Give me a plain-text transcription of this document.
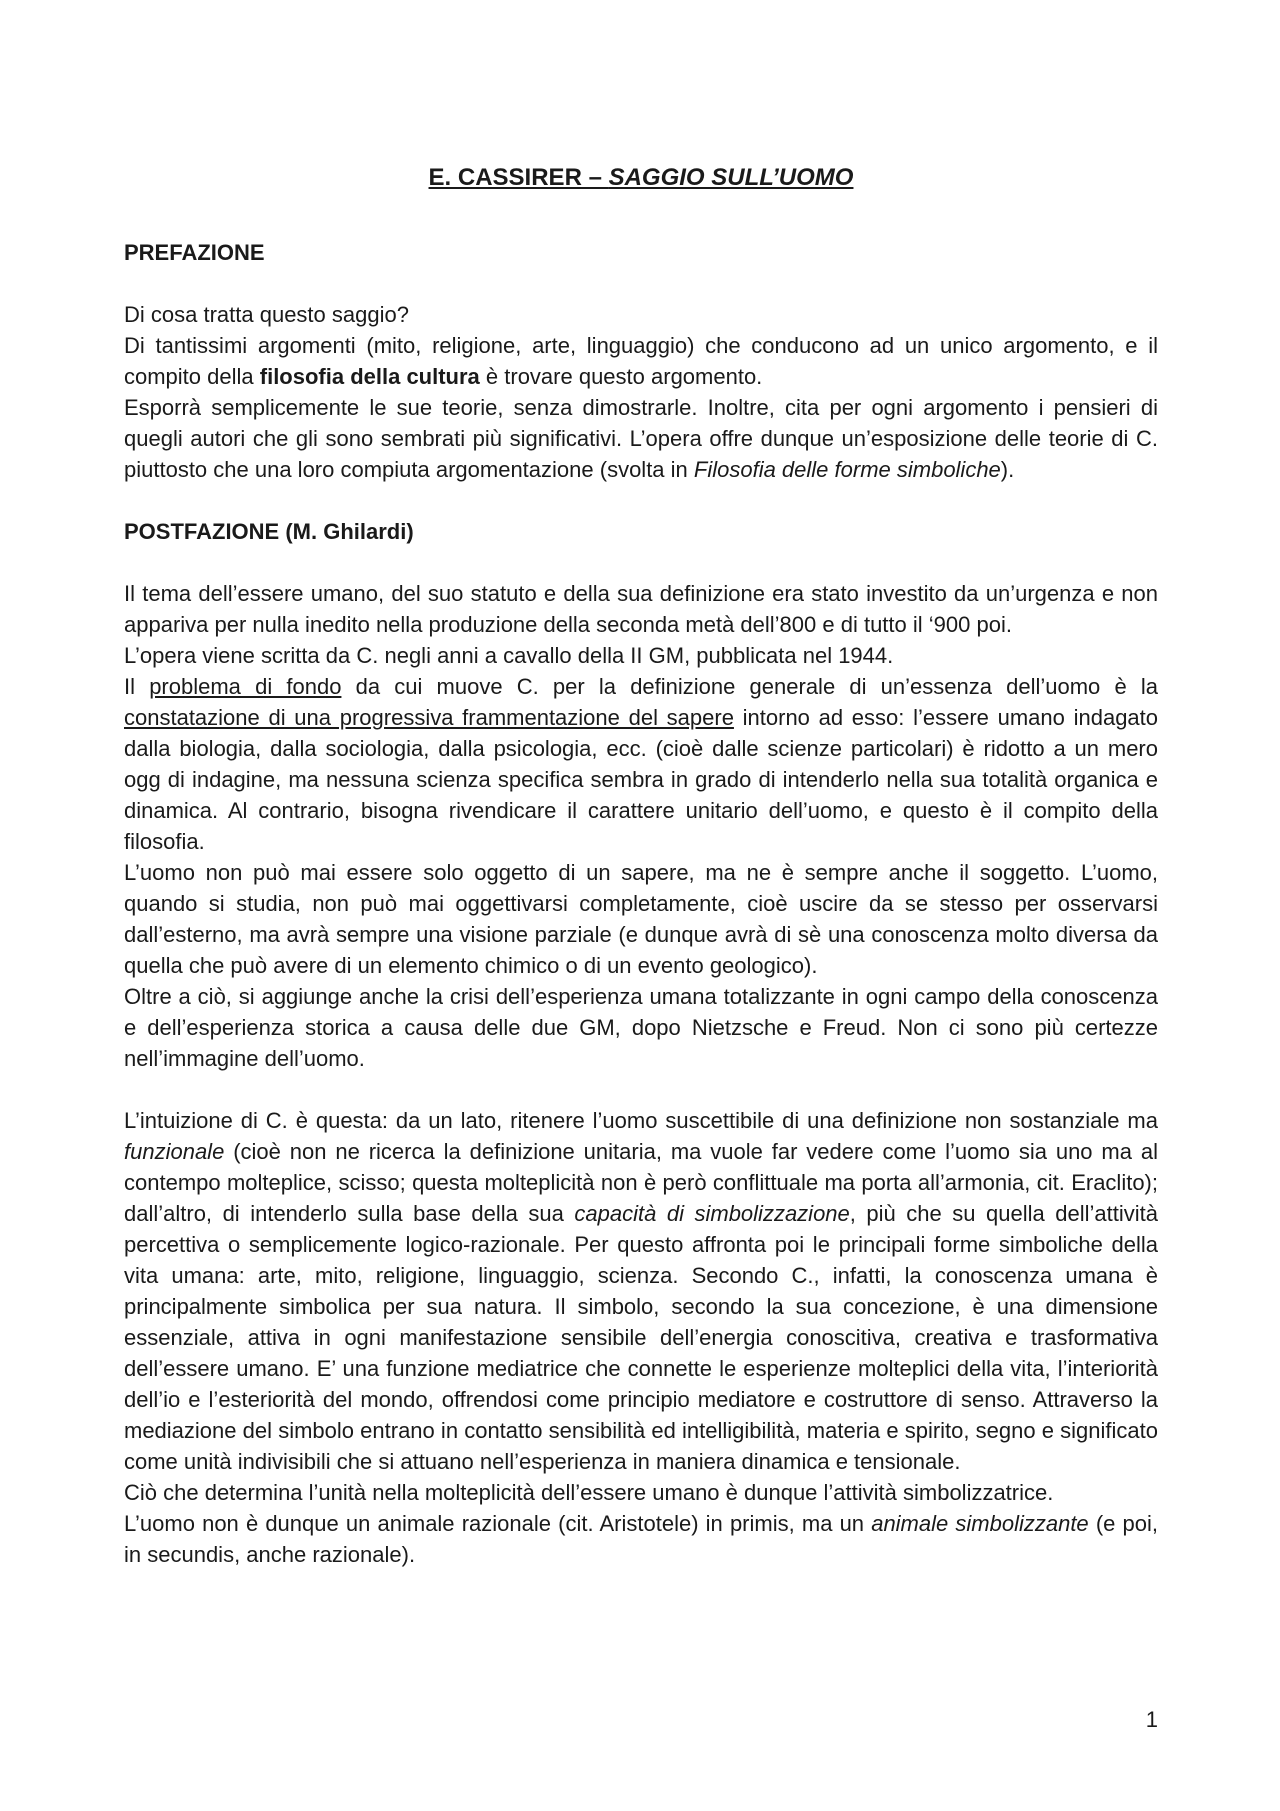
E. CASSIRER – SAGGIO SULL’UOMO
PREFAZIONE

Di cosa tratta questo saggio?

Di tantissimi argomenti (mito, religione, arte, linguaggio) che conducono ad un unico argomento, e il compito della filosofia della cultura è trovare questo argomento.

Esporrà semplicemente le sue teorie, senza dimostrarle. Inoltre, cita per ogni argomento i pensieri di quegli autori che gli sono sembrati più significativi. L’opera offre dunque un’esposizione delle teorie di C. piuttosto che una loro compiuta argomentazione (svolta in Filosofia delle forme simboliche).

POSTFAZIONE (M. Ghilardi)

Il tema dell’essere umano, del suo statuto e della sua definizione era stato investito da un’urgenza e non appariva per nulla inedito nella produzione della seconda metà dell’800 e di tutto il ‘900 poi.

L’opera viene scritta da C. negli anni a cavallo della II GM, pubblicata nel 1944.

Il problema di fondo da cui muove C. per la definizione generale di un’essenza dell’uomo è la constatazione di una progressiva frammentazione del sapere intorno ad esso: l’essere umano indagato dalla biologia, dalla sociologia, dalla psicologia, ecc. (cioè dalle scienze particolari) è ridotto a un mero ogg di indagine, ma nessuna scienza specifica sembra in grado di intenderlo nella sua totalità organica e dinamica. Al contrario, bisogna rivendicare il carattere unitario dell’uomo, e questo è il compito della filosofia.

L’uomo non può mai essere solo oggetto di un sapere, ma ne è sempre anche il soggetto. L’uomo, quando si studia, non può mai oggettivarsi completamente, cioè uscire da se stesso per osservarsi dall’esterno, ma avrà sempre una visione parziale (e dunque avrà di sè una conoscenza molto diversa da quella che può avere di un elemento chimico o di un evento geologico).

Oltre a ciò, si aggiunge anche la crisi dell’esperienza umana totalizzante in ogni campo della conoscenza e dell’esperienza storica a causa delle due GM, dopo Nietzsche e Freud. Non ci sono più certezze nell’immagine dell’uomo.

L’intuizione di C. è questa: da un lato, ritenere l’uomo suscettibile di una definizione non sostanziale ma funzionale (cioè non ne ricerca la definizione unitaria, ma vuole far vedere come l’uomo sia uno ma al contempo molteplice, scisso; questa molteplicità non è però conflittuale ma porta all’armonia, cit. Eraclito); dall’altro, di intenderlo sulla base della sua capacità di simbolizzazione, più che su quella dell’attività percettiva o semplicemente logico-razionale. Per questo affronta poi le principali forme simboliche della vita umana: arte, mito, religione, linguaggio, scienza. Secondo C., infatti, la conoscenza umana è principalmente simbolica per sua natura. Il simbolo, secondo la sua concezione, è una dimensione essenziale, attiva in ogni manifestazione sensibile dell’energia conoscitiva, creativa e trasformativa dell’essere umano. E’ una funzione mediatrice che connette le esperienze molteplici della vita, l’interiorità dell’io e l’esteriorità del mondo, offrendosi come principio mediatore e costruttore di senso. Attraverso la mediazione del simbolo entrano in contatto sensibilità ed intelligibilità, materia e spirito, segno e significato come unità indivisibili che si attuano nell’esperienza in maniera dinamica e tensionale.

Ciò che determina l’unità nella molteplicità dell’essere umano è dunque l’attività simbolizzatrice.

L’uomo non è dunque un animale razionale (cit. Aristotele) in primis, ma un animale simbolizzante (e poi, in secundis, anche razionale).

1
